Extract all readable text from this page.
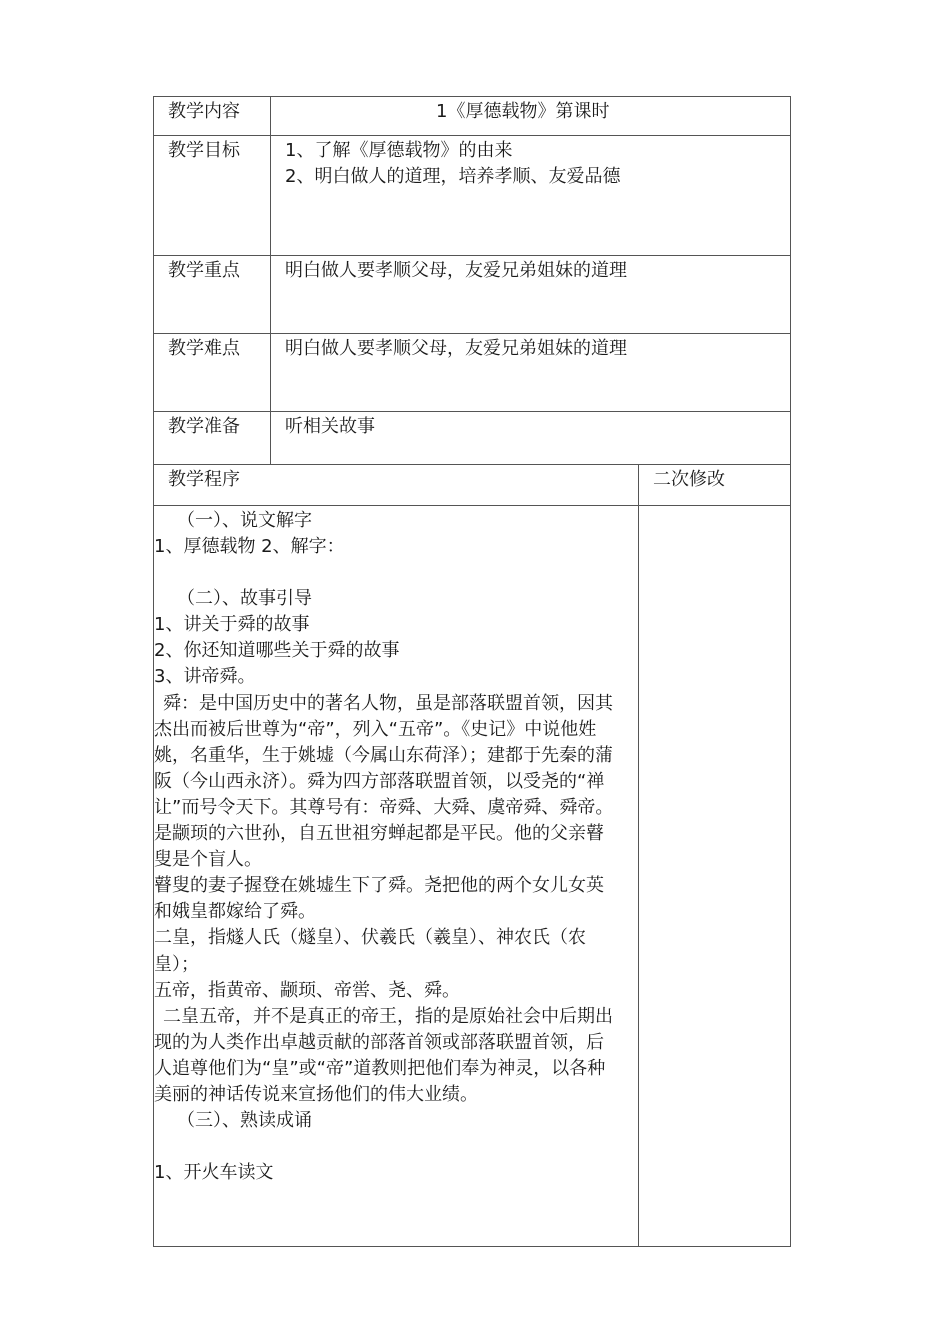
教学内容	1《厚德载物》第课时
教学目标	1、了解《厚德载物》的由来
2、明白做人的道理，培养孝顺、友爱品德
教学重点	明白做人要孝顺父母，友爱兄弟姐妹的道理
教学难点	明白做人要孝顺父母，友爱兄弟姐妹的道理
教学准备	听相关故事
教学程序	二次修改

（一）、说文解字

1、厚德载物 2、解字：

（二）、故事引导

1、讲关于舜的故事

2、你还知道哪些关于舜的故事

3、讲帝舜。

舜：是中国历史中的著名人物，虽是部落联盟首领，因其杰出而被后世尊为“帝”，列入“五帝”。《史记》中说他姓姚，名重华，生于姚墟（今属山东荷泽）；建都于先秦的蒲阪（今山西永济）。舜为四方部落联盟首领，以受尧的“禅让”而号令天下。其尊号有：帝舜、大舜、虞帝舜、舜帝。是颛顼的六世孙，自五世祖穷蝉起都是平民。他的父亲瞽叟是个盲人。

瞽叟的妻子握登在姚墟生下了舜。尧把他的两个女儿女英和娥皇都嫁给了舜。

二皇，指燧人氏（燧皇）、伏羲氏（羲皇）、神农氏（农皇）；

五帝，指黄帝、颛顼、帝喾、尧、舜。

二皇五帝，并不是真正的帝王，指的是原始社会中后期出现的为人类作出卓越贡献的部落首领或部落联盟首领，后人追尊他们为“皇”或“帝”道教则把他们奉为神灵，以各种美丽的神话传说来宣扬他们的伟大业绩。

（三）、熟读成诵

1、开火车读文
